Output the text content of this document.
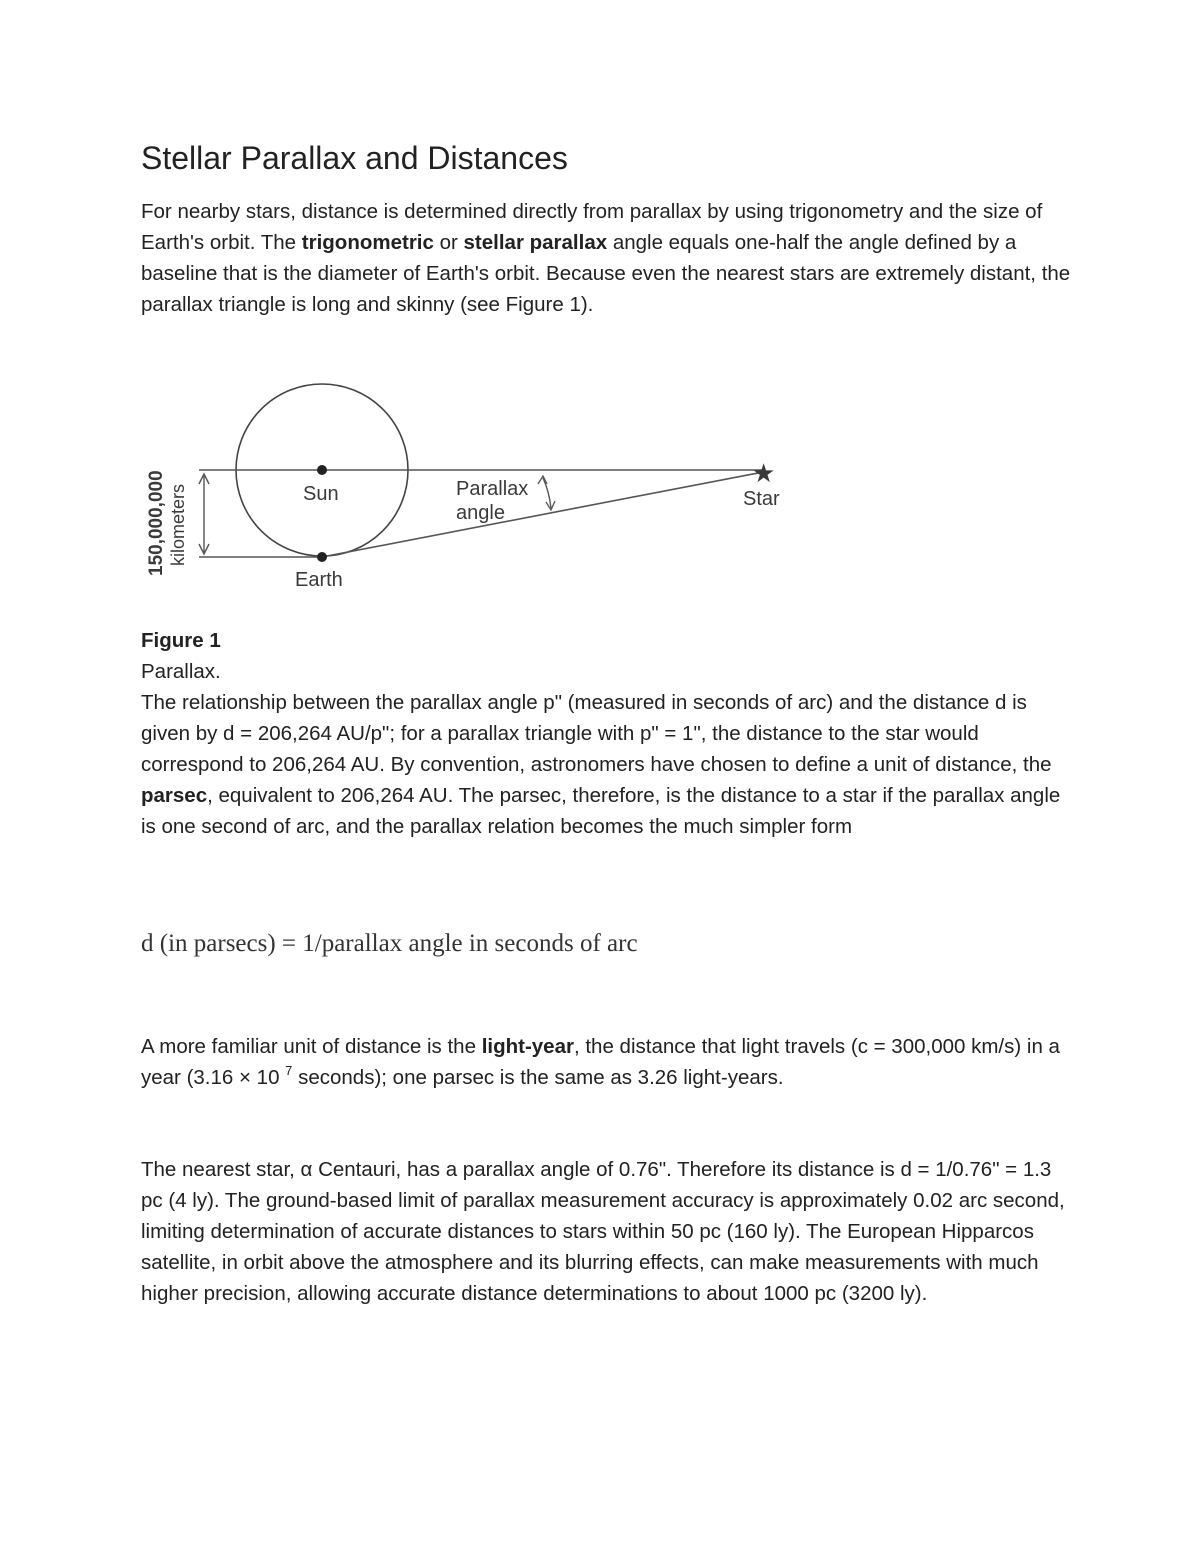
Stellar Parallax and Distances

For nearby stars, distance is determined directly from parallax by using trigonometry and the size of Earth's orbit. The trigonometric or stellar parallax angle equals one-half the angle defined by a baseline that is the diameter of Earth's orbit. Because even the nearest stars are extremely distant, the parallax triangle is long and skinny (see Figure 1).

★
Sun
Earth
Star
Parallax
angle
150,000,000 kilometers
Figure 1
Parallax.

The relationship between the parallax angle p" (measured in seconds of arc) and the distance d is given by d = 206,264 AU/p"; for a parallax triangle with p" = 1", the distance to the star would correspond to 206,264 AU. By convention, astronomers have chosen to define a unit of distance, the parsec, equivalent to 206,264 AU. The parsec, therefore, is the distance to a star if the parallax angle is one second of arc, and the parallax relation becomes the much simpler form

d (in parsecs) = 1/parallax angle in seconds of arc

A more familiar unit of distance is the light-year, the distance that light travels (c = 300,000 km/s) in a year (3.16 × 10 $^7$ seconds); one parsec is the same as 3.26 light-years.

The nearest star, α Centauri, has a parallax angle of 0.76". Therefore its distance is d = 1/0.76" = 1.3 pc (4 ly). The ground-based limit of parallax measurement accuracy is approximately 0.02 arc second, limiting determination of accurate distances to stars within 50 pc (160 ly). The European Hipparcos satellite, in orbit above the atmosphere and its blurring effects, can make measurements with much higher precision, allowing accurate distance determinations to about 1000 pc (3200 ly).
